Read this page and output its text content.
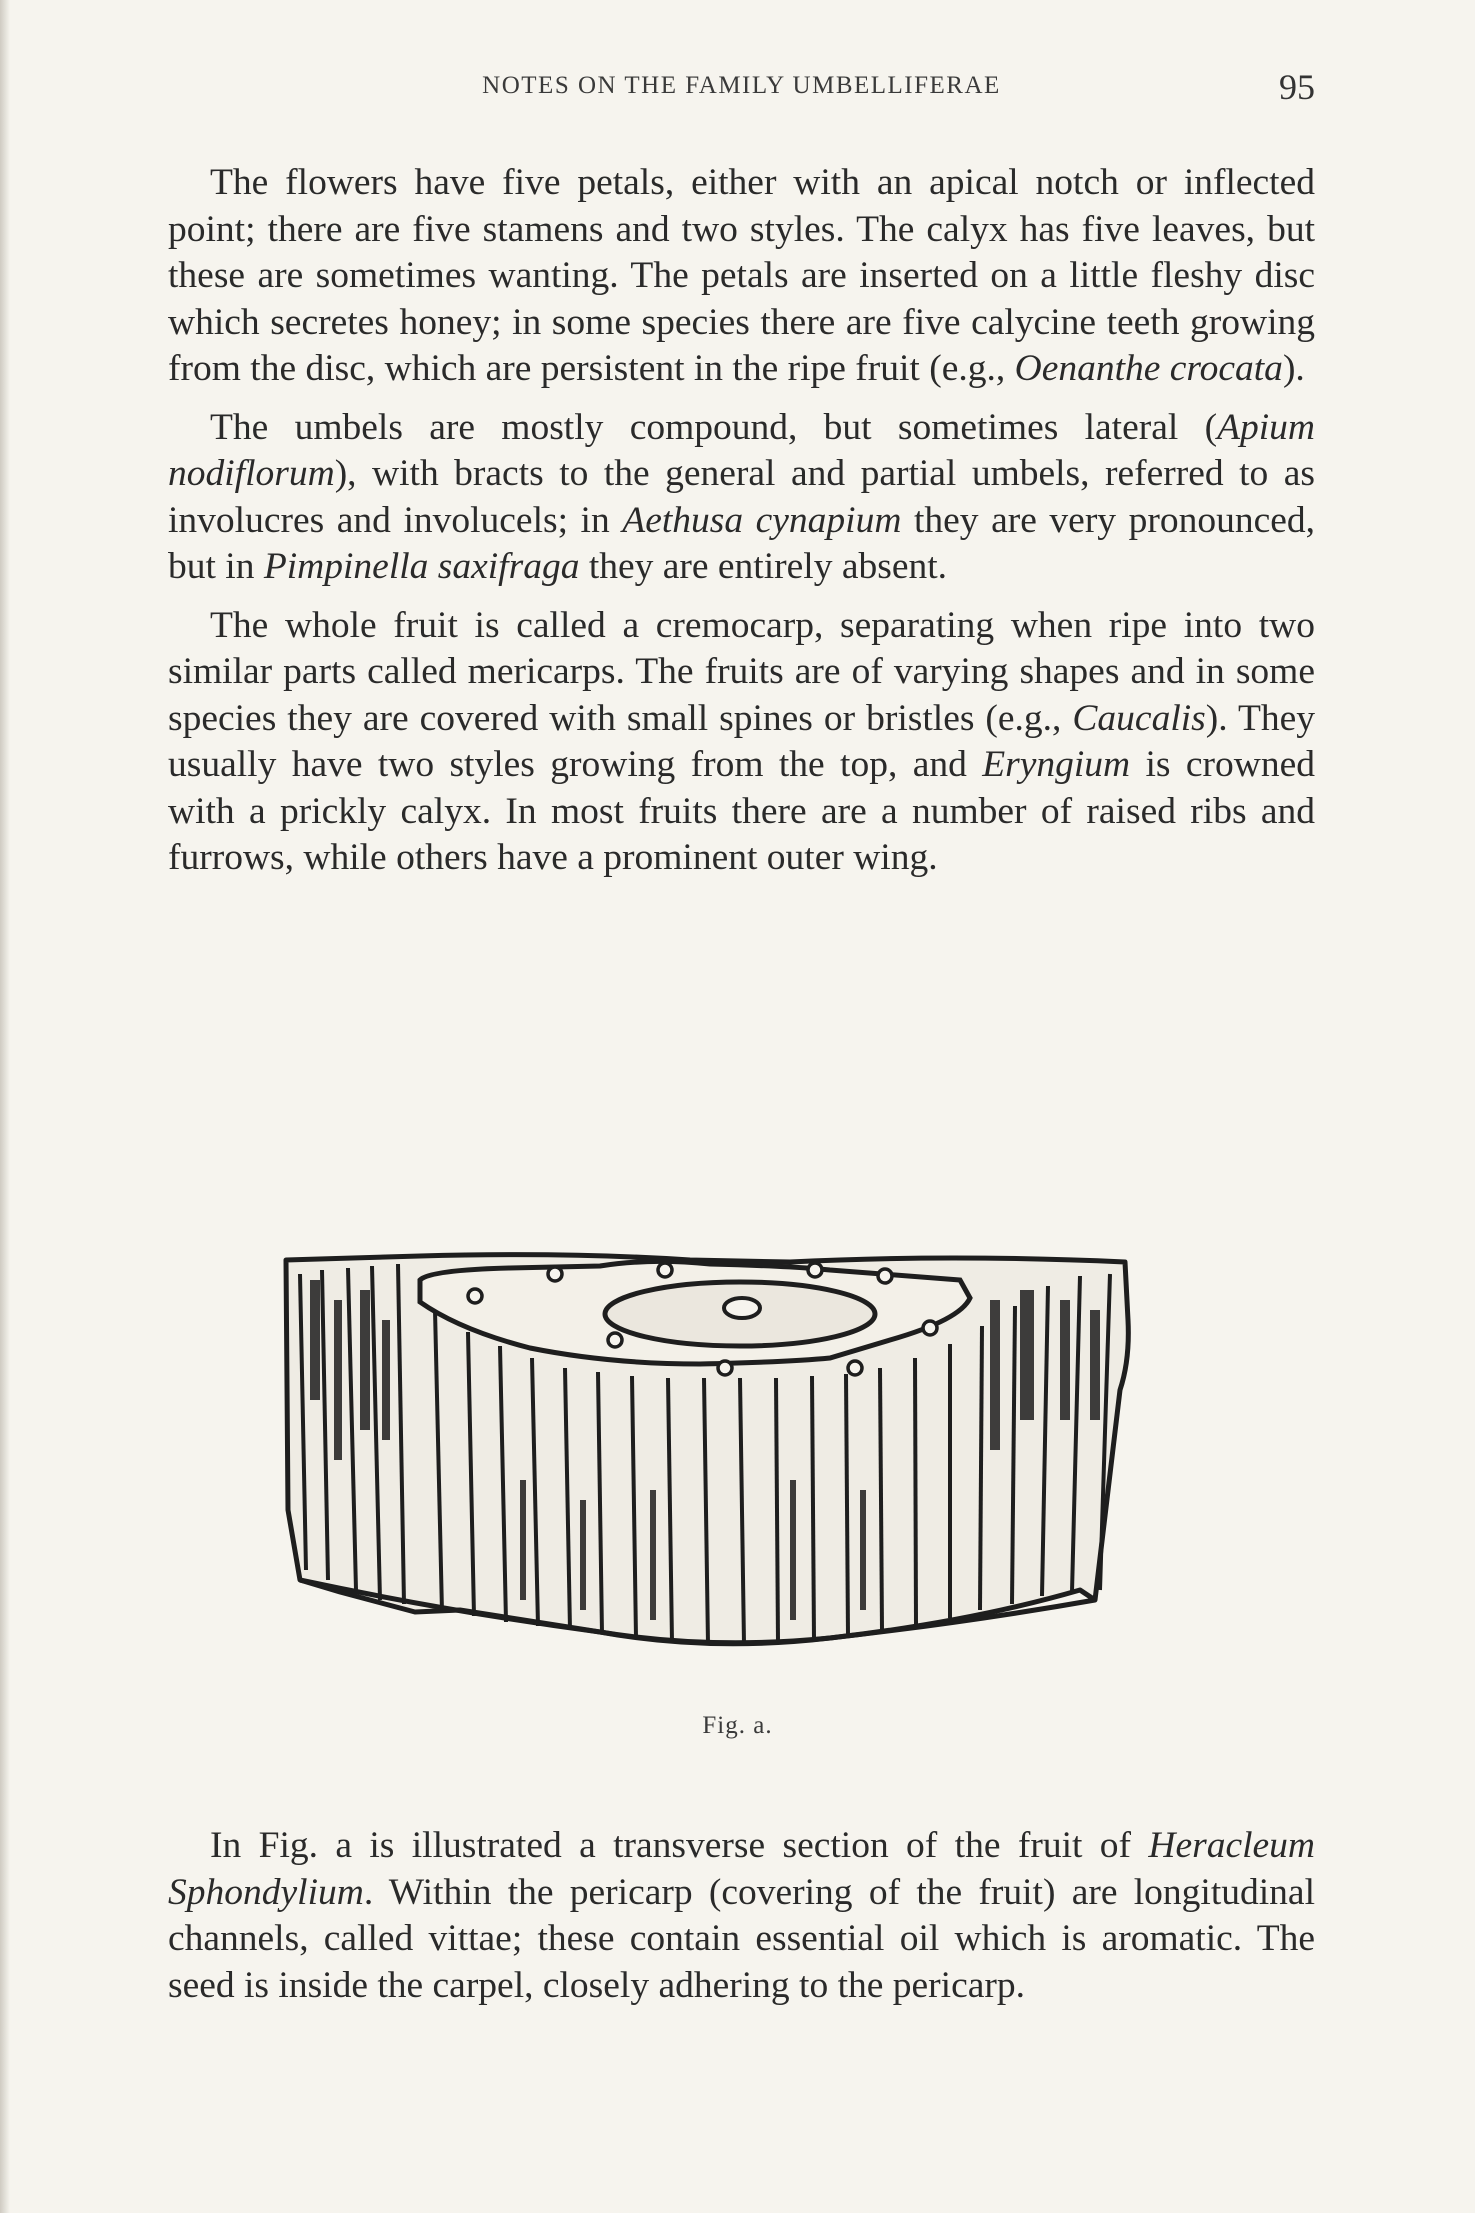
NOTES ON THE FAMILY UMBELLIFERAE	95

The flowers have five petals, either with an apical notch or inflected point; there are five stamens and two styles. The calyx has five leaves, but these are sometimes wanting. The petals are inserted on a little fleshy disc which secretes honey; in some species there are five calycine teeth growing from the disc, which are persistent in the ripe fruit (e.g., Oenanthe crocata).

The umbels are mostly compound, but sometimes lateral (Apium nodiflorum), with bracts to the general and partial umbels, referred to as involucres and involucels; in Aethusa cynapium they are very pronounced, but in Pimpinella saxifraga they are entirely absent.

The whole fruit is called a cremocarp, separating when ripe into two similar parts called mericarps. The fruits are of varying shapes and in some species they are covered with small spines or bristles (e.g., Caucalis). They usually have two styles growing from the top, and Eryngium is crowned with a prickly calyx. In most fruits there are a number of raised ribs and furrows, while others have a prominent outer wing.

Fig. a.

In Fig. a is illustrated a transverse section of the fruit of Heracleum Sphondylium. Within the pericarp (covering of the fruit) are longitudinal channels, called vittae; these contain essential oil which is aromatic. The seed is inside the carpel, closely adhering to the pericarp.
